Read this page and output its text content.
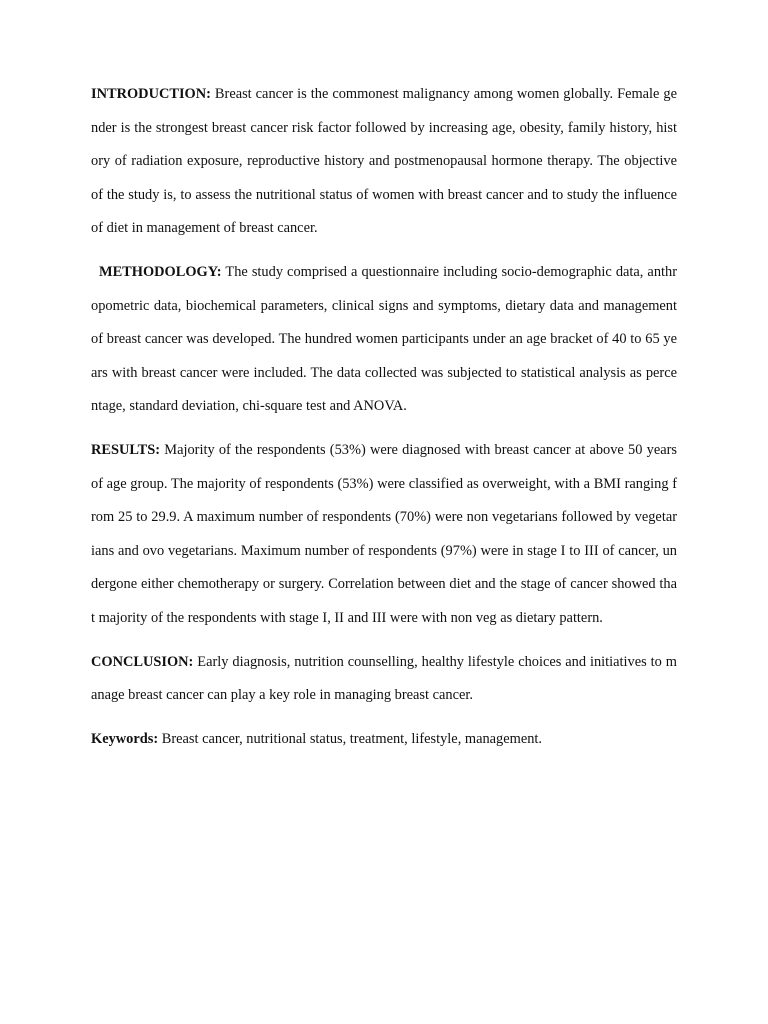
INTRODUCTION: Breast cancer is the commonest malignancy among women globally. Female gender is the strongest breast cancer risk factor followed by increasing age, obesity, family history, history of radiation exposure, reproductive history and postmenopausal hormone therapy. The objective of the study is, to assess the nutritional status of women with breast cancer and to study the influence of diet in management of breast cancer.

METHODOLOGY: The study comprised a questionnaire including socio-demographic data, anthropometric data, biochemical parameters, clinical signs and symptoms, dietary data and management of breast cancer was developed. The hundred women participants under an age bracket of 40 to 65 years with breast cancer were included. The data collected was subjected to statistical analysis as percentage, standard deviation, chi-square test and ANOVA.

RESULTS: Majority of the respondents (53%) were diagnosed with breast cancer at above 50 years of age group. The majority of respondents (53%) were classified as overweight, with a BMI ranging from 25 to 29.9. A maximum number of respondents (70%) were non vegetarians followed by vegetarians and ovo vegetarians. Maximum number of respondents (97%) were in stage I to III of cancer, undergone either chemotherapy or surgery. Correlation between diet and the stage of cancer showed that majority of the respondents with stage I, II and III were with non veg as dietary pattern.

CONCLUSION: Early diagnosis, nutrition counselling, healthy lifestyle choices and initiatives to manage breast cancer can play a key role in managing breast cancer.

Keywords: Breast cancer, nutritional status, treatment, lifestyle, management.
